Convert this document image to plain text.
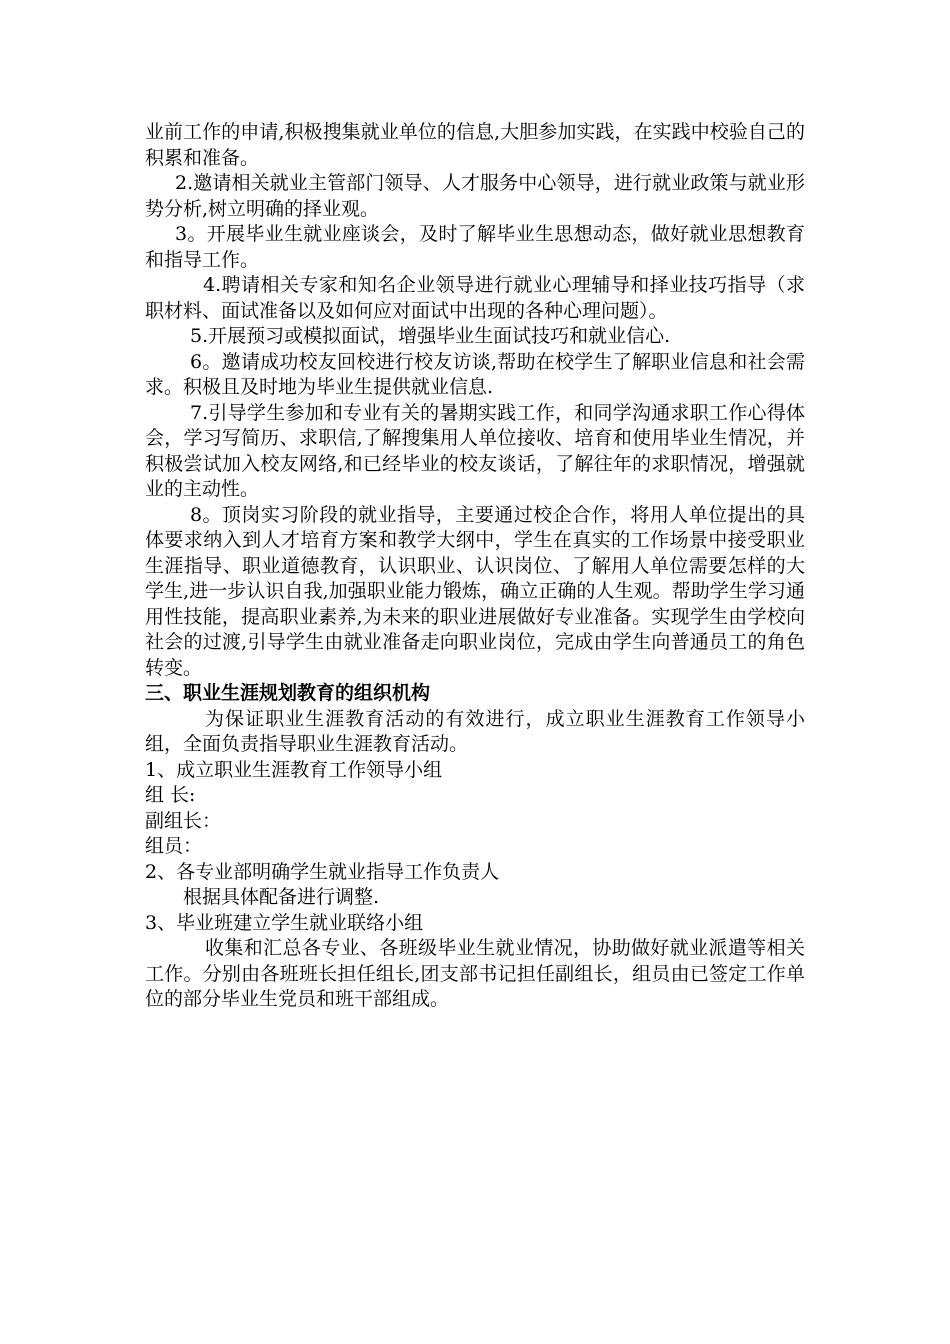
业前工作的申请,积极搜集就业单位的信息,大胆参加实践，在实践中校验自己的积累和准备。

2.邀请相关就业主管部门领导、人才服务中心领导，进行就业政策与就业形势分析,树立明确的择业观。

3。开展毕业生就业座谈会，及时了解毕业生思想动态，做好就业思想教育和指导工作。

4.聘请相关专家和知名企业领导进行就业心理辅导和择业技巧指导（求职材料、面试准备以及如何应对面试中出现的各种心理问题）。

5.开展预习或模拟面试，增强毕业生面试技巧和就业信心.

6。邀请成功校友回校进行校友访谈,帮助在校学生了解职业信息和社会需求。积极且及时地为毕业生提供就业信息.

7.引导学生参加和专业有关的暑期实践工作，和同学沟通求职工作心得体会，学习写简历、求职信,了解搜集用人单位接收、培育和使用毕业生情况，并积极尝试加入校友网络,和已经毕业的校友谈话，了解往年的求职情况，增强就业的主动性。

8。顶岗实习阶段的就业指导，主要通过校企合作，将用人单位提出的具体要求纳入到人才培育方案和教学大纲中，学生在真实的工作场景中接受职业生涯指导、职业道德教育，认识职业、认识岗位、了解用人单位需要怎样的大学生,进一步认识自我,加强职业能力锻炼，确立正确的人生观。帮助学生学习通用性技能，提高职业素养,为未来的职业进展做好专业准备。实现学生由学校向社会的过渡,引导学生由就业准备走向职业岗位，完成由学生向普通员工的角色转变。

三、职业生涯规划教育的组织机构

为保证职业生涯教育活动的有效进行，成立职业生涯教育工作领导小组，全面负责指导职业生涯教育活动。

1、成立职业生涯教育工作领导小组

组 长:

副组长：

组员：

2、各专业部明确学生就业指导工作负责人

根据具体配备进行调整.

3、毕业班建立学生就业联络小组

收集和汇总各专业、各班级毕业生就业情况，协助做好就业派遣等相关工作。分别由各班班长担任组长,团支部书记担任副组长，组员由已签定工作单位的部分毕业生党员和班干部组成。
